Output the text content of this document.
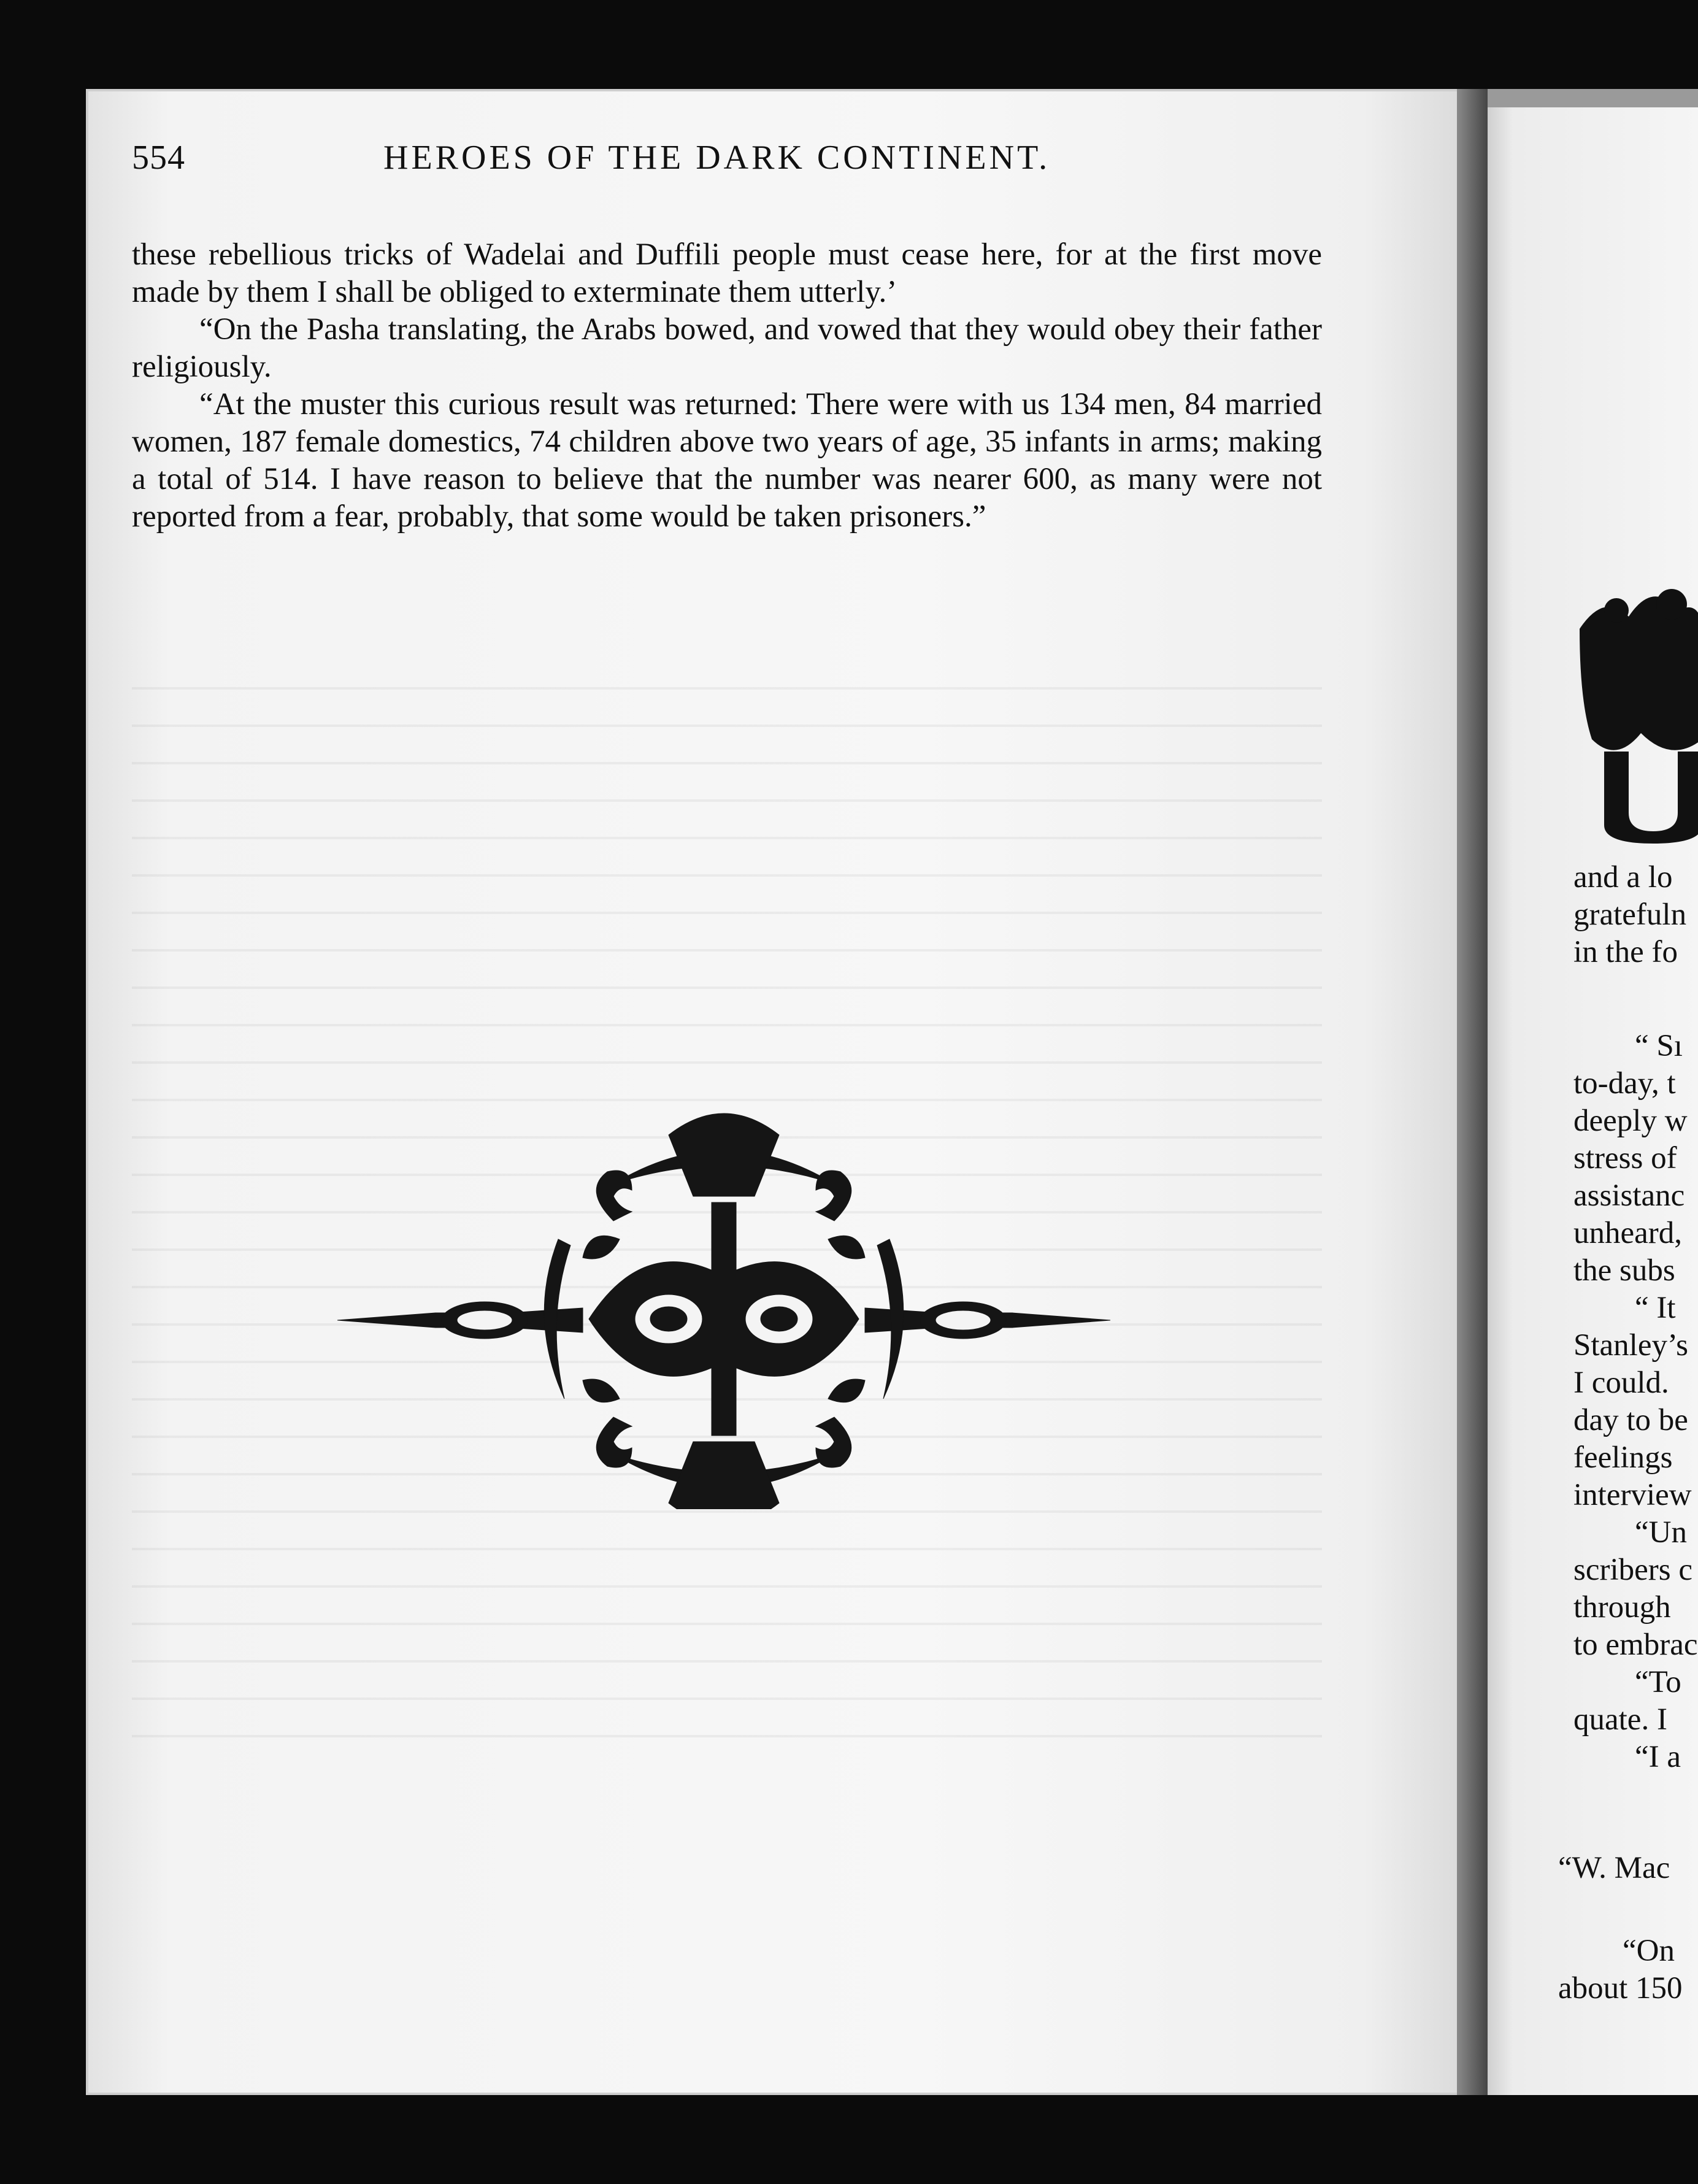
554	HEROES OF THE DARK CONTINENT.

these rebellious tricks of Wadelai and Duffili people must cease here, for at the first move made by them I shall be obliged to exterminate them utterly.’

“On the Pasha translating, the Arabs bowed, and vowed that they would obey their father religiously.

“At the muster this curious result was returned: There were with us 134 men, 84 married women, 187 female domestics, 74 children above two years of age, 35 infants in arms; making a total of 514. I have reason to believe that the number was nearer 600, as many were not reported from a fear, probably, that some would be taken prisoners.”

and a lo
gratefuln
in the fo
“ Sı
to-day, t
deeply w
stress of
assistanc
unheard,
the subs
“ It
Stanley’s
I could.
day to be
feelings
interview
“Un
scribers c
through
to embrac
“To
quate. I
“I a
“W. Mac
“On
about 150
